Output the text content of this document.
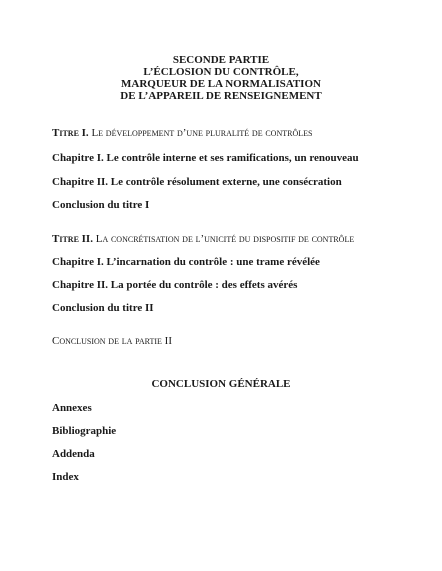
SECONDE PARTIE
L’ÉCLOSION DU CONTRÔLE,
MARQUEUR DE LA NORMALISATION
DE L’APPAREIL DE RENSEIGNEMENT
Titre I. Le développement d’une pluralité de contrôles
Chapitre I. Le contrôle interne et ses ramifications, un renouveau
Chapitre II. Le contrôle résolument externe, une consécration
Conclusion du titre I
Titre II. La concrétisation de l’unicité du dispositif de contrôle
Chapitre I. L’incarnation du contrôle : une trame révélée
Chapitre II. La portée du contrôle : des effets avérés
Conclusion du titre II
Conclusion de la partie II
CONCLUSION GÉNÉRALE
Annexes
Bibliographie
Addenda
Index
